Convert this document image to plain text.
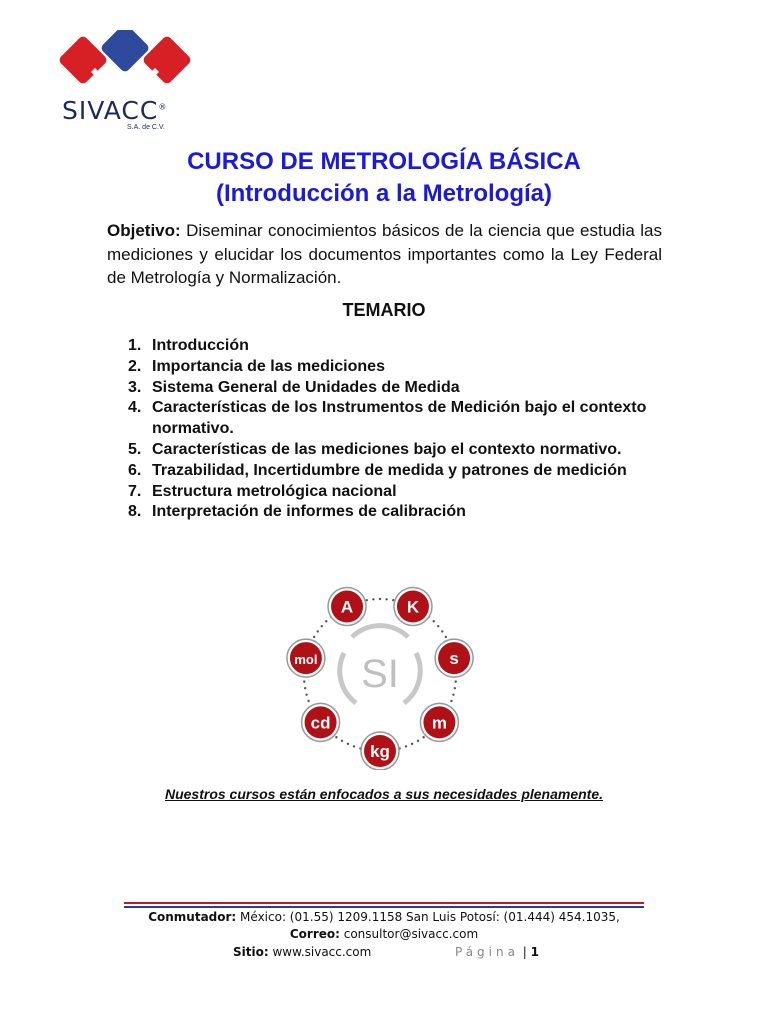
SIVACC®
S.A. de C.V.
CURSO DE METROLOGÍA BÁSICA
(Introducción a la Metrología)
Objetivo: Diseminar conocimientos básicos de la ciencia que estudia las mediciones y elucidar los documentos importantes como la Ley Federal de Metrología y Normalización.
TEMARIO
1. Introducción
2. Importancia de las mediciones
3. Sistema General de Unidades de Medida
4. Características de los Instrumentos de Medición bajo el contexto normativo.
5. Características de las mediciones bajo el contexto normativo.
6. Trazabilidad, Incertidumbre de medida y patrones de medición
7. Estructura metrológica nacional
8. Interpretación de informes de calibración
SI
A	K
s
m
kg
cd
mol
Nuestros cursos están enfocados a sus necesidades plenamente.
Conmutador: México: (01.55) 1209.1158 San Luis Potosí: (01.444) 454.1035,
Correo: consultor@sivacc.com
Sitio: www.sivacc.com	Página | 1
